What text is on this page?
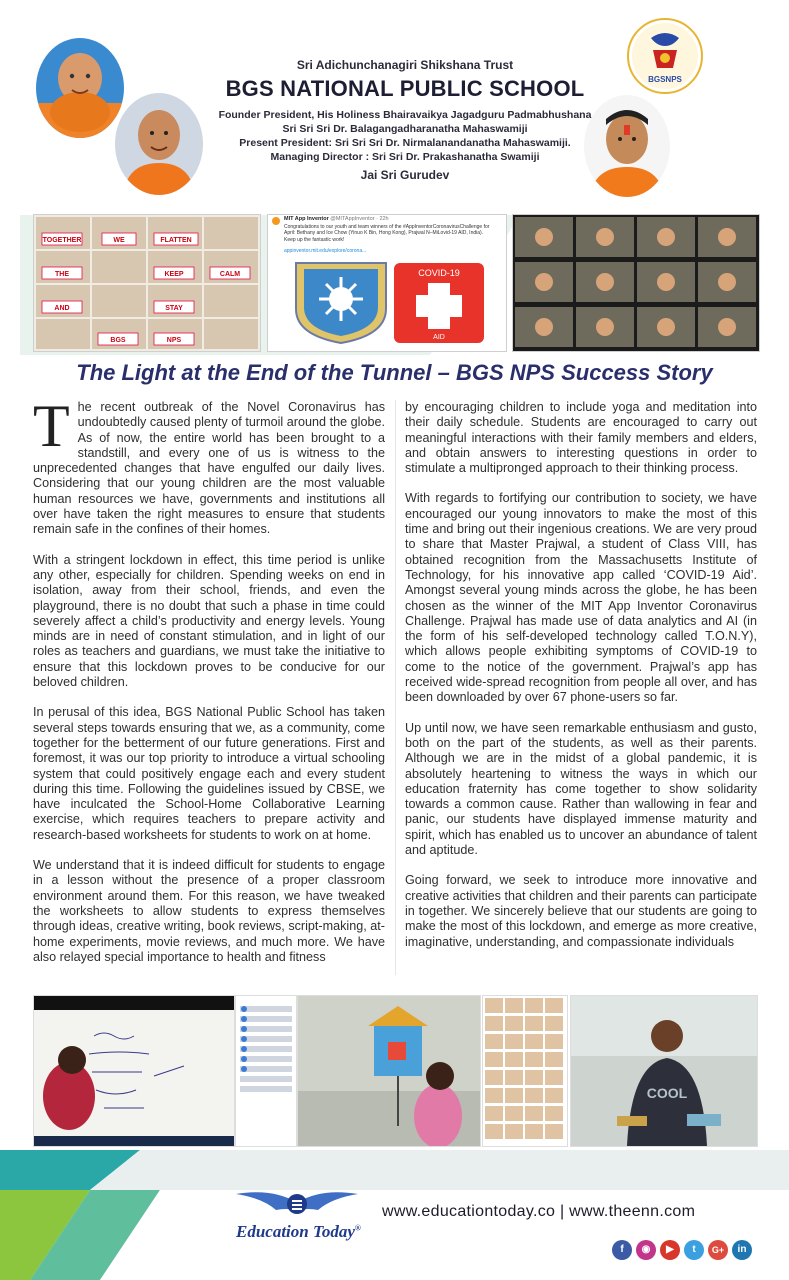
Sri Adichunchanagiri Shikshana Trust
BGS NATIONAL PUBLIC SCHOOL
Founder President, His Holiness Bhairavaikya Jagadguru Padmabhushana
Sri Sri Sri Dr. Balagangadharanatha Mahaswamiji
Present President: Sri Sri Sri Dr. Nirmalanandanatha Mahaswamiji.
Managing Director : Sri Sri Dr. Prakashanatha Swamiji
Jai Sri Gurudev
BGSNPS
TOGETHER	WE	FLATTEN
THE	KEEP	CALM
AND	STAY
BGS	NPS
MIT App Inventor @MITAppInventor · 22h
Congratulations to our youth and team winners of the #AppInventorCoronavirusChallenge for April: Bethany and Ice Chow (Yinuo K Bin, Hong Kong), Prajwal N–MiLovid-19 AID, India). Keep up the fantastic work!
appinventor.mit.edu/explore/corona...
COVID-19
AID
The Light at the End of the Tunnel – BGS NPS Success Story

T he recent outbreak of the Novel Coronavirus has undoubtedly caused plenty of turmoil around the globe. As of now, the entire world has been brought to a standstill, and every one of us is witness to the unprecedented changes that have engulfed our daily lives. Considering that our young children are the most valuable human resources we have, governments and institutions all over have taken the right measures to ensure that students remain safe in the confines of their homes.

With a stringent lockdown in effect, this time period is unlike any other, especially for children. Spending weeks on end in isolation, away from their school, friends, and even the playground, there is no doubt that such a phase in time could severely affect a child’s productivity and energy levels. Young minds are in need of constant stimulation, and in light of our roles as teachers and guardians, we must take the initiative to ensure that this lockdown proves to be conducive for our beloved children.

In perusal of this idea, BGS National Public School has taken several steps towards ensuring that we, as a community, come together for the betterment of our future generations. First and foremost, it was our top priority to introduce a virtual schooling system that could positively engage each and every student during this time. Following the guidelines issued by CBSE, we have inculcated the School-Home Collaborative Learning exercise, which requires teachers to prepare activity and research-based worksheets for students to work on at home.

We understand that it is indeed difficult for students to engage in a lesson without the presence of a proper classroom environment around them. For this reason, we have tweaked the worksheets to allow students to express themselves through ideas, creative writing, book reviews, script-making, at-home experiments, movie reviews, and much more. We have also relayed special importance to health and fitness

by encouraging children to include yoga and meditation into their daily schedule. Students are encouraged to carry out meaningful interactions with their family members and elders, and obtain answers to interesting questions in order to stimulate a multipronged approach to their thinking process.

With regards to fortifying our contribution to society, we have encouraged our young innovators to make the most of this time and bring out their ingenious creations. We are very proud to share that Master Prajwal, a student of Class VIII, has obtained recognition from the Massachusetts Institute of Technology, for his innovative app called ‘COVID-19 Aid’. Amongst several young minds across the globe, he has been chosen as the winner of the MIT App Inventor Coronavirus Challenge. Prajwal has made use of data analytics and AI (in the form of his self-developed technology called T.O.N.Y), which allows people exhibiting symptoms of COVID-19 to come to the notice of the government. Prajwal’s app has received wide-spread recognition from people all over, and has been downloaded by over 67 phone-users so far.

Up until now, we have seen remarkable enthusiasm and gusto, both on the part of the students, as well as their parents. Although we are in the midst of a global pandemic, it is absolutely heartening to witness the ways in which our education fraternity has come together to show solidarity towards a common cause. Rather than wallowing in fear and panic, our students have displayed immense maturity and spirit, which has enabled us to uncover an abundance of talent and aptitude.

Going forward, we seek to introduce more innovative and creative activities that children and their parents can participate in together. We sincerely believe that our students are going to make the most of this lockdown, and emerge as more creative, imaginative, understanding, and compassionate individuals

COOL
Education Today®
www.educationtoday.co | www.theenn.com
f	◉	▶	t	G+	in
